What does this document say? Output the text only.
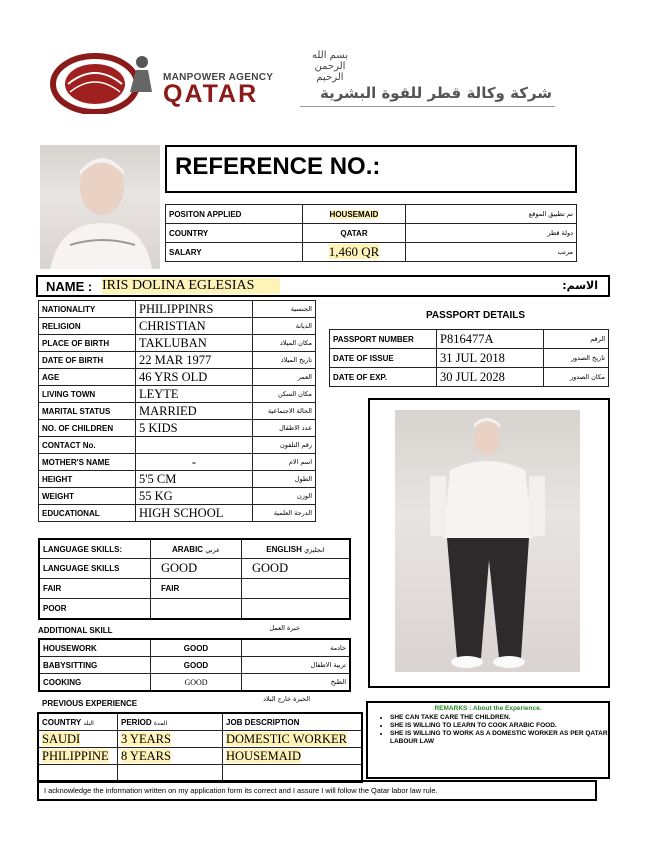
بسم الله الرحمن الرحيم
MANPOWER AGENCY
QATAR	شركة وكالة قطر للقوة البشرية
REFERENCE NO.:
POSITON APPLIED	HOUSEMAID	تم تطبيق الموقع
COUNTRY	QATAR	دولة قطر
SALARY	1,460 QR	مرتب
NAME : IRIS DOLINA EGLESIAS	الاسم:
NATIONALITY	PHILIPPINRS	الجنسية
RELIGION	CHRISTIAN	الديانة
PLACE OF BIRTH	TAKLUBAN	مكان الميلاد
DATE OF BIRTH	22 MAR 1977	تاريخ الميلاد
AGE	46 YRS OLD	العمر
LIVING TOWN	LEYTE	مكان السكن
MARITAL STATUS	MARRIED	الحالة الاجتماعية
NO. OF CHILDREN	5 KIDS	عدد الاطفال
CONTACT No.		رقم التلفون
MOTHER'S NAME	-	اسم الام
HEIGHT	5'5 CM	الطول
WEIGHT	55 KG	الوزن
EDUCATIONAL	HIGH SCHOOL	الدرجة العلمية
PASSPORT DETAILS
PASSPORT NUMBER	P816477A	الرقم
DATE OF ISSUE	31 JUL 2018	تاريخ الصدور
DATE OF EXP.	30 JUL 2028	مكان الصدور
LANGUAGE SKILLS:	ARABIC عربي	ENGLISH انجليزي
LANGUAGE SKILLS	GOOD	GOOD
FAIR	FAIR	
POOR		
ADDITIONAL SKILL	خبرة العمل
HOUSEWORK	GOOD	خادمة
BABYSITTING	GOOD	تربية الاطفال
COOKING	GOOD	الطبخ
PREVIOUS EXPERIENCE	الخبرة خارج البلاد
COUNTRY البلد	PERIOD المدة	JOB DESCRIPTION
SAUDI	3 YEARS	DOMESTIC WORKER
PHILIPPINE	8 YEARS	HOUSEMAID

REMARKS : About the Experience.
• SHE CAN TAKE CARE THE CHILDREN.
• SHE IS WILLING TO LEARN TO COOK ARABIC FOOD.
• SHE IS WILLING TO WORK AS A DOMESTIC WORKER AS PER QATAR LABOUR LAW
I acknowledge the information written on my application form its correct and I assure I will follow the Qatar labor law rule.
